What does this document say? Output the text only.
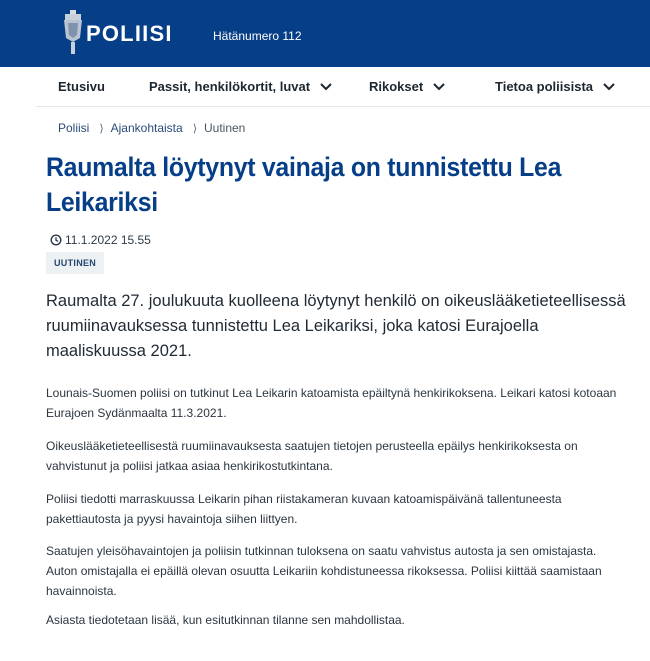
POLIISI	Hätänumero 112
Etusivu	Passit, henkilökortit, luvat	Rikokset	Tietoa poliisista
Poliisi ⟩ Ajankohtaista ⟩ Uutinen
Raumalta löytynyt vainaja on tunnistettu Lea Leikariksi
11.1.2022 15.55
UUTINEN

Raumalta 27. joulukuuta kuolleena löytynyt henkilö on oikeuslääketieteellisessä ruumiinavauksessa tunnistettu Lea Leikariksi, joka katosi Eurajoella maaliskuussa 2021.

Lounais-Suomen poliisi on tutkinut Lea Leikarin katoamista epäiltynä henkirikoksena. Leikari katosi kotoaan Eurajoen Sydänmaalta 11.3.2021.

Oikeuslääketieteellisestä ruumiinavauksesta saatujen tietojen perusteella epäilys henkirikoksesta on vahvistunut ja poliisi jatkaa asiaa henkirikostutkintana.

Poliisi tiedotti marraskuussa Leikarin pihan riistakameran kuvaan katoamispäivänä tallentuneesta pakettiautosta ja pyysi havaintoja siihen liittyen.

Saatujen yleisöhavaintojen ja poliisin tutkinnan tuloksena on saatu vahvistus autosta ja sen omistajasta. Auton omistajalla ei epäillä olevan osuutta Leikariin kohdistuneessa rikoksessa. Poliisi kiittää saamistaan havainnoista.

Asiasta tiedotetaan lisää, kun esitutkinnan tilanne sen mahdollistaa.
